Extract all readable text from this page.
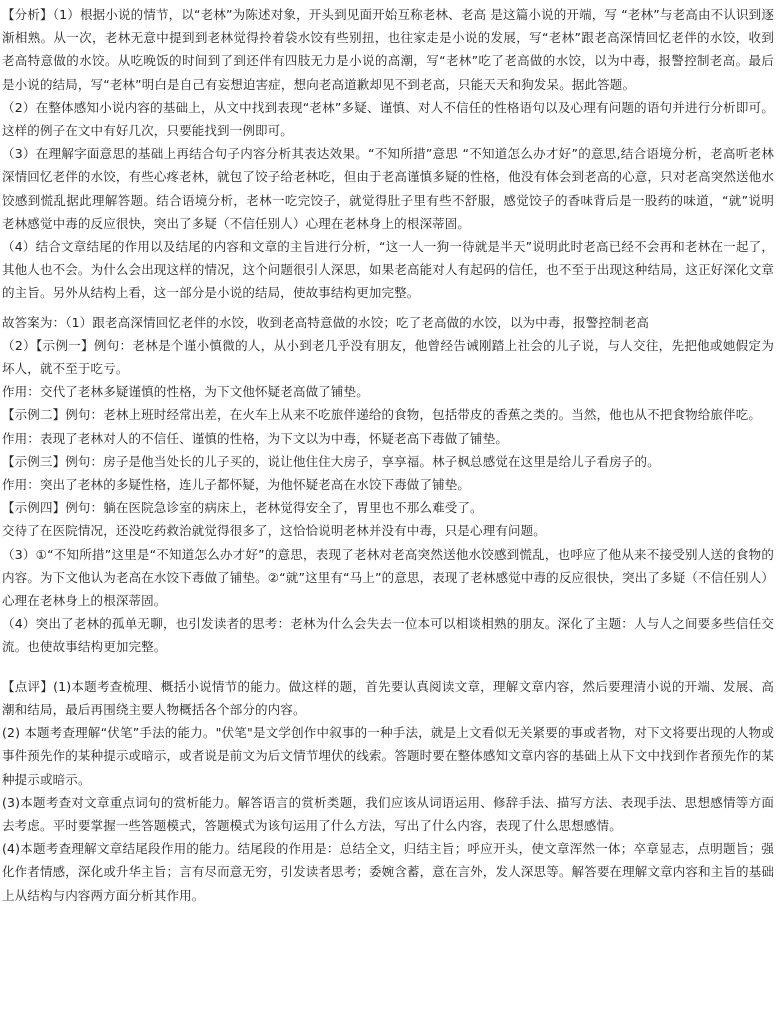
【分析】（1）根据小说的情节，以“老林”为陈述对象，开头到见面开始互称老林、老高 是这篇小说的开端，写 “老林”与老高由不认识到逐渐相熟。从一次，老林无意中提到到老林觉得拎着袋水饺有些别扭，也往家走是小说的发展，写“老林”跟老高深情回忆老伴的水饺，收到老高特意做的水饺。从吃晚饭的时间到了到还伴有四肢无力是小说的高潮，写“老林”吃了老高做的水饺，以为中毒，报警控制老高。最后是小说的结局，写“老林”明白是自己有妄想迫害症，想向老高道歉却见不到老高，只能天天和狗发呆。据此答题。

（2）在整体感知小说内容的基础上，从文中找到表现“老林”多疑、谨慎、对人不信任的性格语句以及心理有问题的语句并进行分析即可。这样的例子在文中有好几次，只要能找到一例即可。

（3）在理解字面意思的基础上再结合句子内容分析其表达效果。“不知所措”意思 “不知道怎么办才好”的意思,结合语境分析，老高听老林深情回忆老伴的水饺，有些心疼老林，就包了饺子给老林吃，但由于老高谨慎多疑的性格，他没有体会到老高的心意，只对老高突然送他水饺感到慌乱据此理解答题。结合语境分析，老林一吃完饺子，就觉得肚子里有些不舒服，感觉饺子的香味背后是一股药的味道，“就”说明老林感觉中毒的反应很快，突出了多疑（不信任别人）心理在老林身上的根深蒂固。

（4）结合文章结尾的作用以及结尾的内容和文章的主旨进行分析，“这一人一狗一待就是半天”说明此时老高已经不会再和老林在一起了，其他人也不会。为什么会出现这样的情况，这个问题很引人深思，如果老高能对人有起码的信任，也不至于出现这种结局，这正好深化文章的主旨。另外从结构上看，这一部分是小说的结局，使故事结构更加完整。

故答案为：（1）跟老高深情回忆老伴的水饺，收到老高特意做的水饺；吃了老高做的水饺，以为中毒，报警控制老高

（2）【示例一】例句：老林是个谨小慎微的人，从小到老几乎没有朋友，他曾经告诫刚踏上社会的儿子说，与人交往，先把他或她假定为坏人，就不至于吃亏。

作用：交代了老林多疑谨慎的性格，为下文他怀疑老高做了铺垫。

【示例二】例句：老林上班时经常出差，在火车上从来不吃旅伴递给的食物，包括带皮的香蕉之类的。当然，他也从不把食物给旅伴吃。

作用：表现了老林对人的不信任、谨慎的性格，为下文以为中毒，怀疑老高下毒做了铺垫。

【示例三】例句：房子是他当处长的儿子买的，说让他住住大房子，享享福。林子枫总感觉在这里是给儿子看房子的。

作用：突出了老林的多疑性格，连儿子都怀疑，为他怀疑老高在水饺下毒做了铺垫。

【示例四】例句：躺在医院急诊室的病床上，老林觉得安全了，胃里也不那么难受了。

交待了在医院情况，还没吃药救治就觉得很多了，这恰恰说明老林并没有中毒，只是心理有问题。

（3）①“不知所措”这里是“不知道怎么办才好”的意思，表现了老林对老高突然送他水饺感到慌乱，也呼应了他从来不接受别人送的食物的内容。为下文他认为老高在水饺下毒做了铺垫。②“就”这里有“马上”的意思，表现了老林感觉中毒的反应很快，突出了多疑（不信任别人）心理在老林身上的根深蒂固。

（4）突出了老林的孤单无聊，也引发读者的思考：老林为什么会失去一位本可以相谈相熟的朋友。深化了主题：人与人之间要多些信任交流。也使故事结构更加完整。

【点评】(1)本题考查梳理、概括小说情节的能力。做这样的题，首先要认真阅读文章，理解文章内容，然后要理清小说的开端、发展、高潮和结局，最后再围绕主要人物概括各个部分的内容。

(2) 本题考查理解“伏笔”手法的能力。"伏笔"是文学创作中叙事的一种手法，就是上文看似无关紧要的事或者物，对下文将要出现的人物或事件预先作的某种提示或暗示，或者说是前文为后文情节埋伏的线索。答题时要在整体感知文章内容的基础上从下文中找到作者预先作的某种提示或暗示。

(3)本题考查对文章重点词句的赏析能力。解答语言的赏析类题，我们应该从词语运用、修辞手法、描写方法、表现手法、思想感情等方面去考虑。平时要掌握一些答题模式，答题模式为该句运用了什么方法，写出了什么内容，表现了什么思想感情。

(4)本题考查理解文章结尾段作用的能力。结尾段的作用是：总结全文，归结主旨；呼应开头，使文章浑然一体；卒章显志，点明题旨；强化作者情感，深化或升华主旨；言有尽而意无穷，引发读者思考；委婉含蓄，意在言外，发人深思等。解答要在理解文章内容和主旨的基础上从结构与内容两方面分析其作用。
